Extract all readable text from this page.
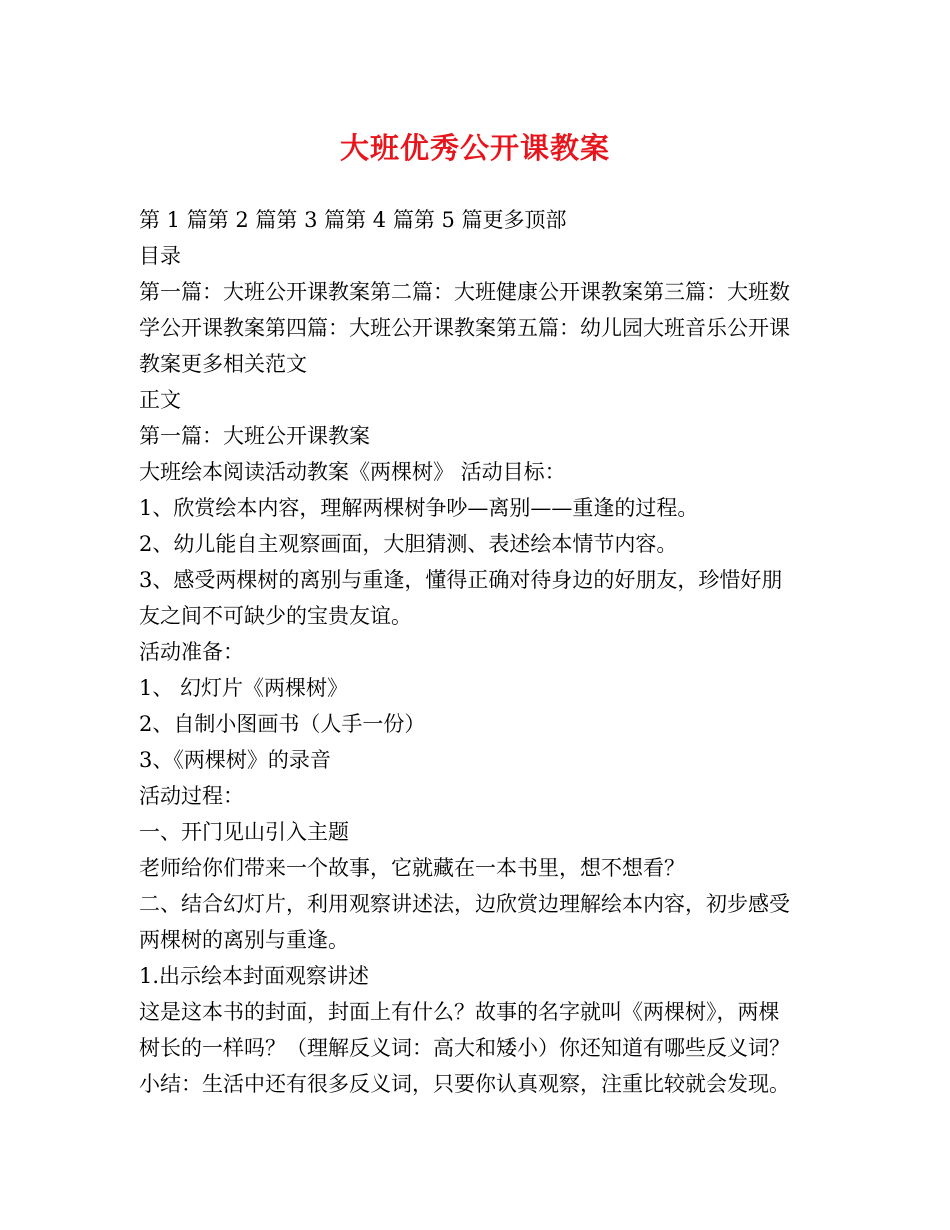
大班优秀公开课教案
第 1 篇第 2 篇第 3 篇第 4 篇第 5 篇更多顶部
目录
第一篇：大班公开课教案第二篇：大班健康公开课教案第三篇：大班数
学公开课教案第四篇：大班公开课教案第五篇：幼儿园大班音乐公开课
教案更多相关范文
正文
第一篇：大班公开课教案
大班绘本阅读活动教案《两棵树》 活动目标：
1、欣赏绘本内容，理解两棵树争吵—离别——重逢的过程。
2、幼儿能自主观察画面，大胆猜测、表述绘本情节内容。
3、感受两棵树的离别与重逢，懂得正确对待身边的好朋友，珍惜好朋
友之间不可缺少的宝贵友谊。
活动准备：
1、 幻灯片《两棵树》
2、自制小图画书（人手一份）
3、《两棵树》的录音
活动过程：
一、开门见山引入主题
老师给你们带来一个故事，它就藏在一本书里，想不想看？
二、结合幻灯片，利用观察讲述法，边欣赏边理解绘本内容，初步感受
两棵树的离别与重逢。
1.出示绘本封面观察讲述
这是这本书的封面，封面上有什么？故事的名字就叫《两棵树》，两棵
树长的一样吗？（理解反义词：高大和矮小）你还知道有哪些反义词？
小结：生活中还有很多反义词，只要你认真观察，注重比较就会发现。
